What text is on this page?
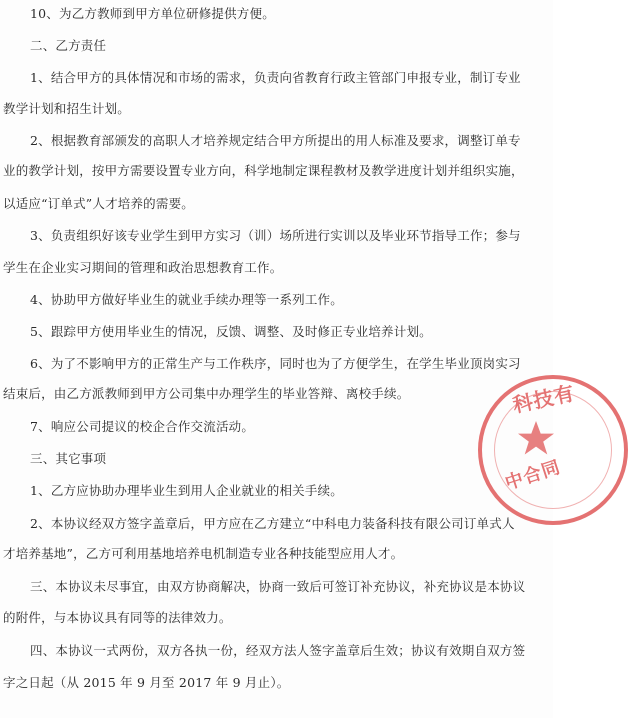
10、为乙方教师到甲方单位研修提供方便。
二、乙方责任
1、结合甲方的具体情况和市场的需求，负责向省教育行政主管部门申报专业，制订专业
教学计划和招生计划。
2、根据教育部颁发的高职人才培养规定结合甲方所提出的用人标准及要求，调整订单专
业的教学计划，按甲方需要设置专业方向，科学地制定课程教材及教学进度计划并组织实施，
以适应“订单式”人才培养的需要。
3、负责组织好该专业学生到甲方实习（训）场所进行实训以及毕业环节指导工作；参与
学生在企业实习期间的管理和政治思想教育工作。
4、协助甲方做好毕业生的就业手续办理等一系列工作。
5、跟踪甲方使用毕业生的情况，反馈、调整、及时修正专业培养计划。
6、为了不影响甲方的正常生产与工作秩序，同时也为了方便学生，在学生毕业顶岗实习
结束后，由乙方派教师到甲方公司集中办理学生的毕业答辩、离校手续。
7、响应公司提议的校企合作交流活动。
三、其它事项
1、乙方应协助办理毕业生到用人企业就业的相关手续。
2、本协议经双方签字盖章后，甲方应在乙方建立“中科电力装备科技有限公司订单式人
才培养基地”，乙方可利用基地培养电机制造专业各种技能型应用人才。
三、本协议未尽事宜，由双方协商解决，协商一致后可签订补充协议，补充协议是本协议
的附件，与本协议具有同等的法律效力。
四、本协议一式两份，双方各执一份，经双方法人签字盖章后生效；协议有效期自双方签
字之日起（从 2015 年 9 月至 2017 年 9 月止）。
科技有
中合同
